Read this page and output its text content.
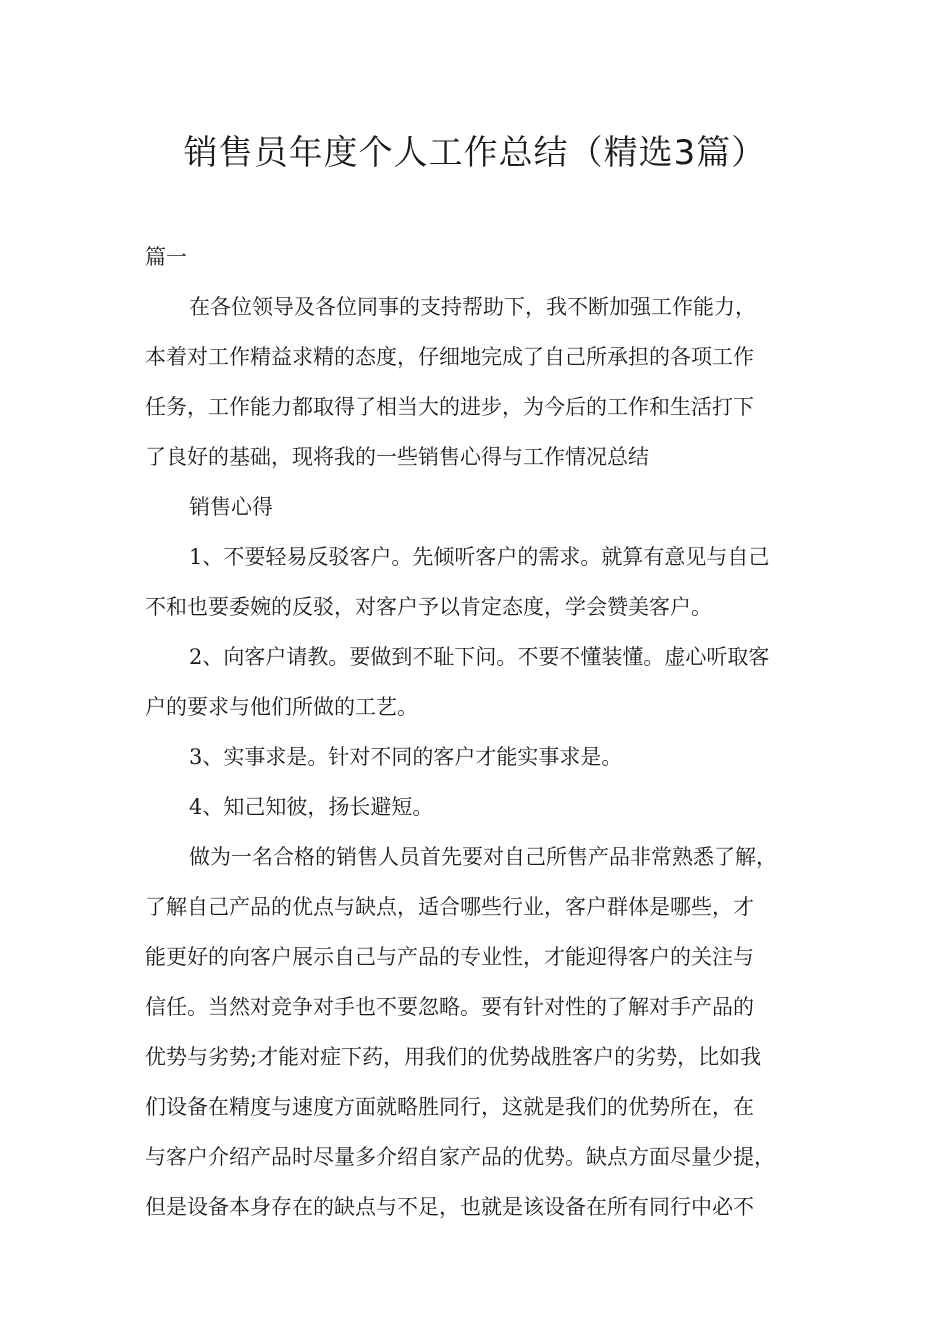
销售员年度个人工作总结（精选3篇）
篇一
在各位领导及各位同事的支持帮助下，我不断加强工作能力，
本着对工作精益求精的态度，仔细地完成了自己所承担的各项工作
任务，工作能力都取得了相当大的进步，为今后的工作和生活打下
了良好的基础，现将我的一些销售心得与工作情况总结
销售心得
1、不要轻易反驳客户。先倾听客户的需求。就算有意见与自己
不和也要委婉的反驳，对客户予以肯定态度，学会赞美客户。
2、向客户请教。要做到不耻下问。不要不懂装懂。虚心听取客
户的要求与他们所做的工艺。
3、实事求是。针对不同的客户才能实事求是。
4、知己知彼，扬长避短。
做为一名合格的销售人员首先要对自己所售产品非常熟悉了解，
了解自己产品的优点与缺点，适合哪些行业，客户群体是哪些，才
能更好的向客户展示自己与产品的专业性，才能迎得客户的关注与
信任。当然对竞争对手也不要忽略。要有针对性的了解对手产品的
优势与劣势;才能对症下药，用我们的优势战胜客户的劣势，比如我
们设备在精度与速度方面就略胜同行，这就是我们的优势所在，在
与客户介绍产品时尽量多介绍自家产品的优势。缺点方面尽量少提，
但是设备本身存在的缺点与不足，也就是该设备在所有同行中必不
